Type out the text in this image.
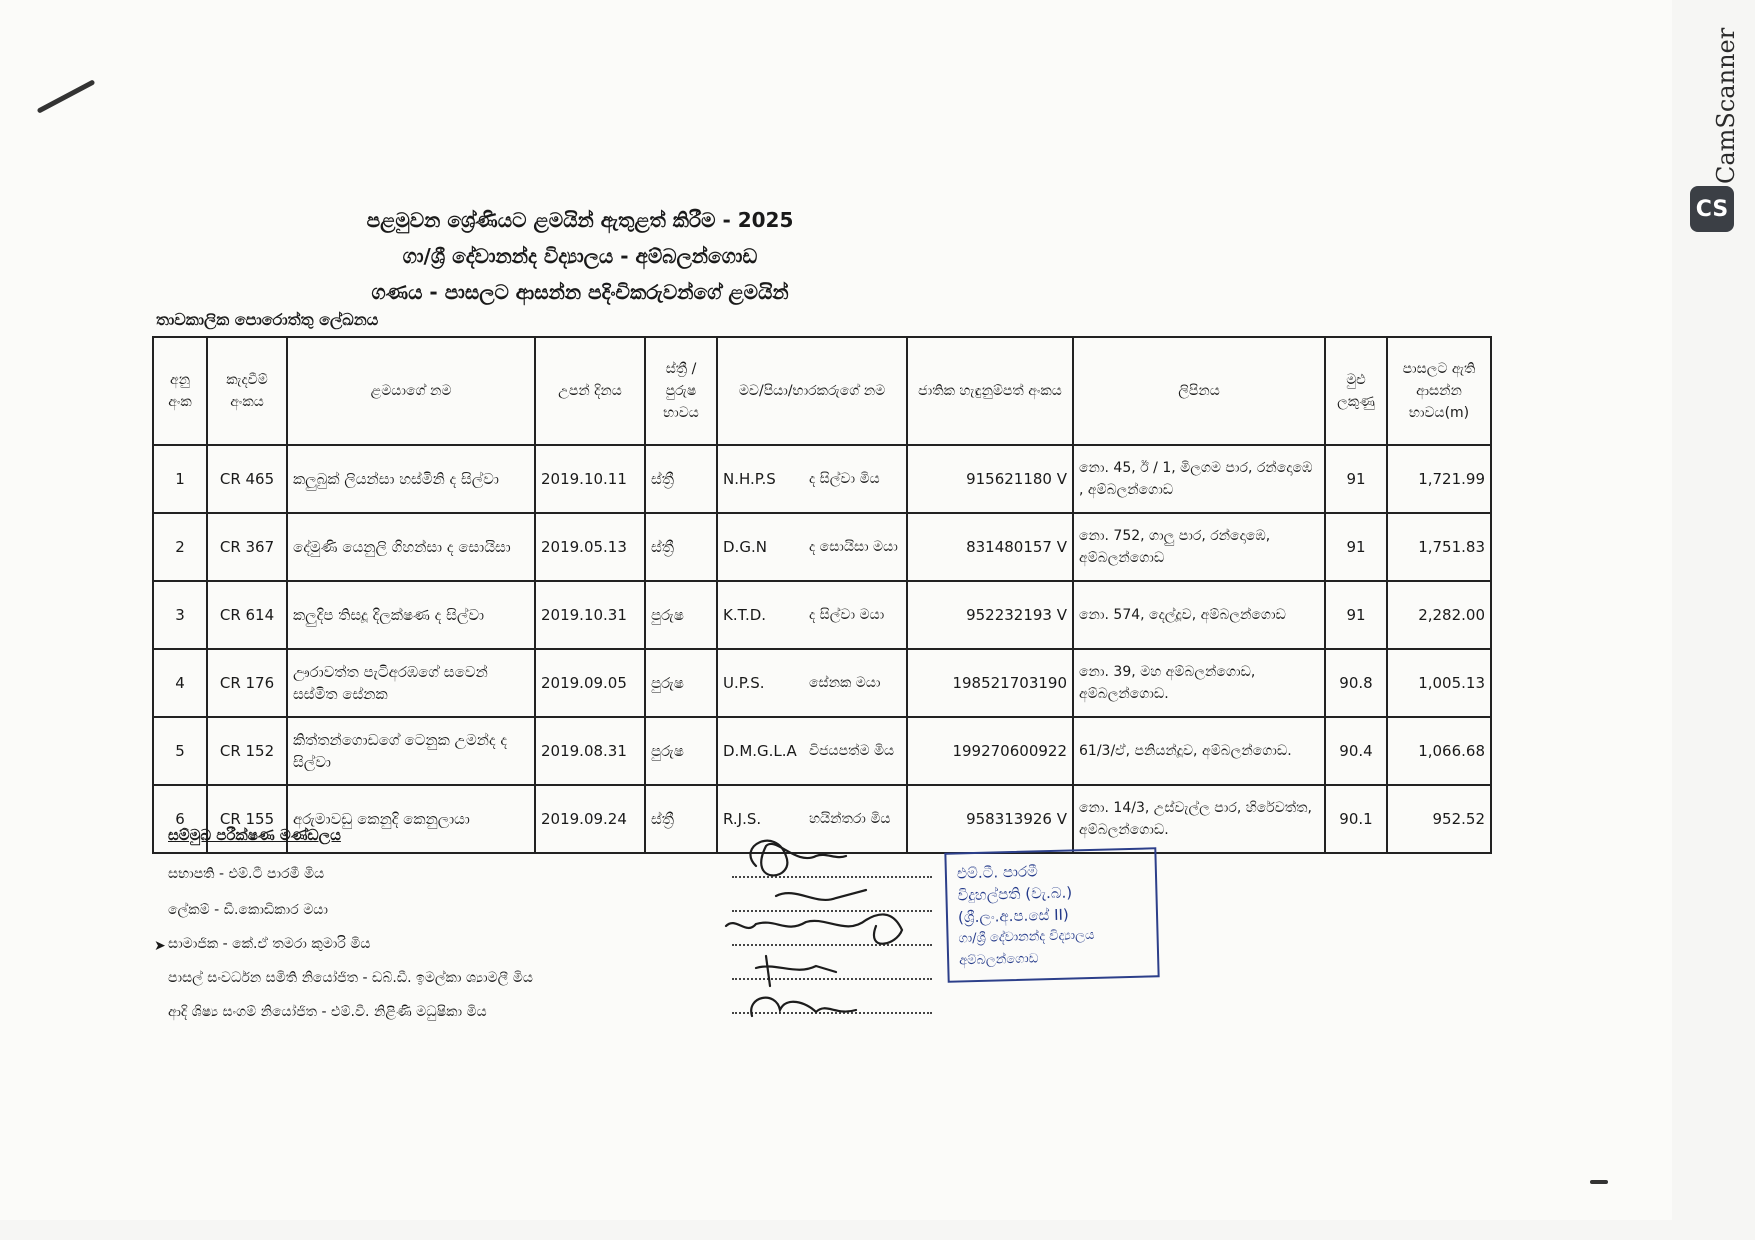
පළමුවන ශ්‍රේණියට ළමයින් ඇතුළත් කිරීම - 2025
ගා/ශ්‍රී දේවානන්ද විද්‍යාලය - අම්බලන්ගොඩ
ගණය - පාසලට ආසන්න පදිංචිකරුවන්ගේ ළමයින්
තාවකාලික පොරොත්තු ලේඛනය
අනු අංක	කැදවීම් අංකය	ළමයාගේ නම	උපන් දිනය	ස්ත්‍රී / පුරුෂ භාවය	මව/පියා/භාරකරුගේ නම	ජාතික හැඳුනුම්පත් අංකය	ලිපිනය	මුළු ලකුණු	පාසලට ඇති ආසන්න භාවය(m)
1	CR 465	කලුබුක් ලියන්සා හස්මිනි ද සිල්වා	2019.10.11	ස්ත්‍රී	N.H.P.S ද සිල්වා මිය	915621180 V	නො. 45, ඊ / 1, මිලගම පාර, රන්දොඹෙ , අම්බලන්ගොඩ	91	1,721.99
2	CR 367	දේමුණි යෙනුලි ගිහන්සා ද සොයිසා	2019.05.13	ස්ත්‍රී	D.G.N ද සොයිසා මයා	831480157 V	නො. 752, ගාලු පාර, රන්දොඹෙ, අම්බලන්ගොඩ	91	1,751.83
3	CR 614	කලුදිප තිසදූ දිලක්ෂණ ද සිල්වා	2019.10.31	පුරුෂ	K.T.D. ද සිල්වා මයා	952232193 V	නො. 574, දෙල්දූව, අම්බලන්ගොඩ	91	2,282.00
4	CR 176	ඌරාවත්ත පැටිඅරඹගේ සවෙන් සස්මිත සේනක	2019.09.05	පුරුෂ	U.P.S. සේනක මයා	198521703190	නො. 39, මහ අම්බලන්ගොඩ, අම්බලන්ගොඩ.	90.8	1,005.13
5	CR 152	කිත්තන්ගොඩගේ ටෙනුක උමන්ද ද සිල්වා	2019.08.31	පුරුෂ	D.M.G.L.A විජයපත්ම මිය	199270600922	61/3/ඒ, පනියන්දූව, අම්බලන්ගොඩ.	90.4	1,066.68
6	CR 155	අරුමාවඩු කෙනුදි කෙනුලායා	2019.09.24	ස්ත්‍රී	R.J.S. හයින්තරා මිය	958313926 V	නො. 14/3, උස්වැල්ල පාර, හිරේවත්ත, අම්බලන්ගොඩ.	90.1	952.52
සම්මුඛ පරීක්ෂණ මණ්ඩලය
සභාපති - එම්.ටී පාරමී මිය
ලේකම් - ඩී.කොඩිකාර මයා
➤ සාමාජික - කේ.ඒ තමරා කුමාරි මිය
පාසල් සංවර්ධන සමිති නියෝජිත - ඩබ්.ඩී. ඉමල්කා ශ්‍යාමලී මිය
ආදි ශිෂ්‍ය සංගම් නියෝජිත - එම්.වී. නිළිණි මධුෂිකා මිය
එම්.ටී. පාරමී
විදුහල්පති (වැ.බ.)
(ශ්‍රී.ලං.අ.ප.සේ II)
ගා/ශ්‍රී දේවානන්ද විද්‍යාලය
අම්බලන්ගොඩ
CS
CamScanner
